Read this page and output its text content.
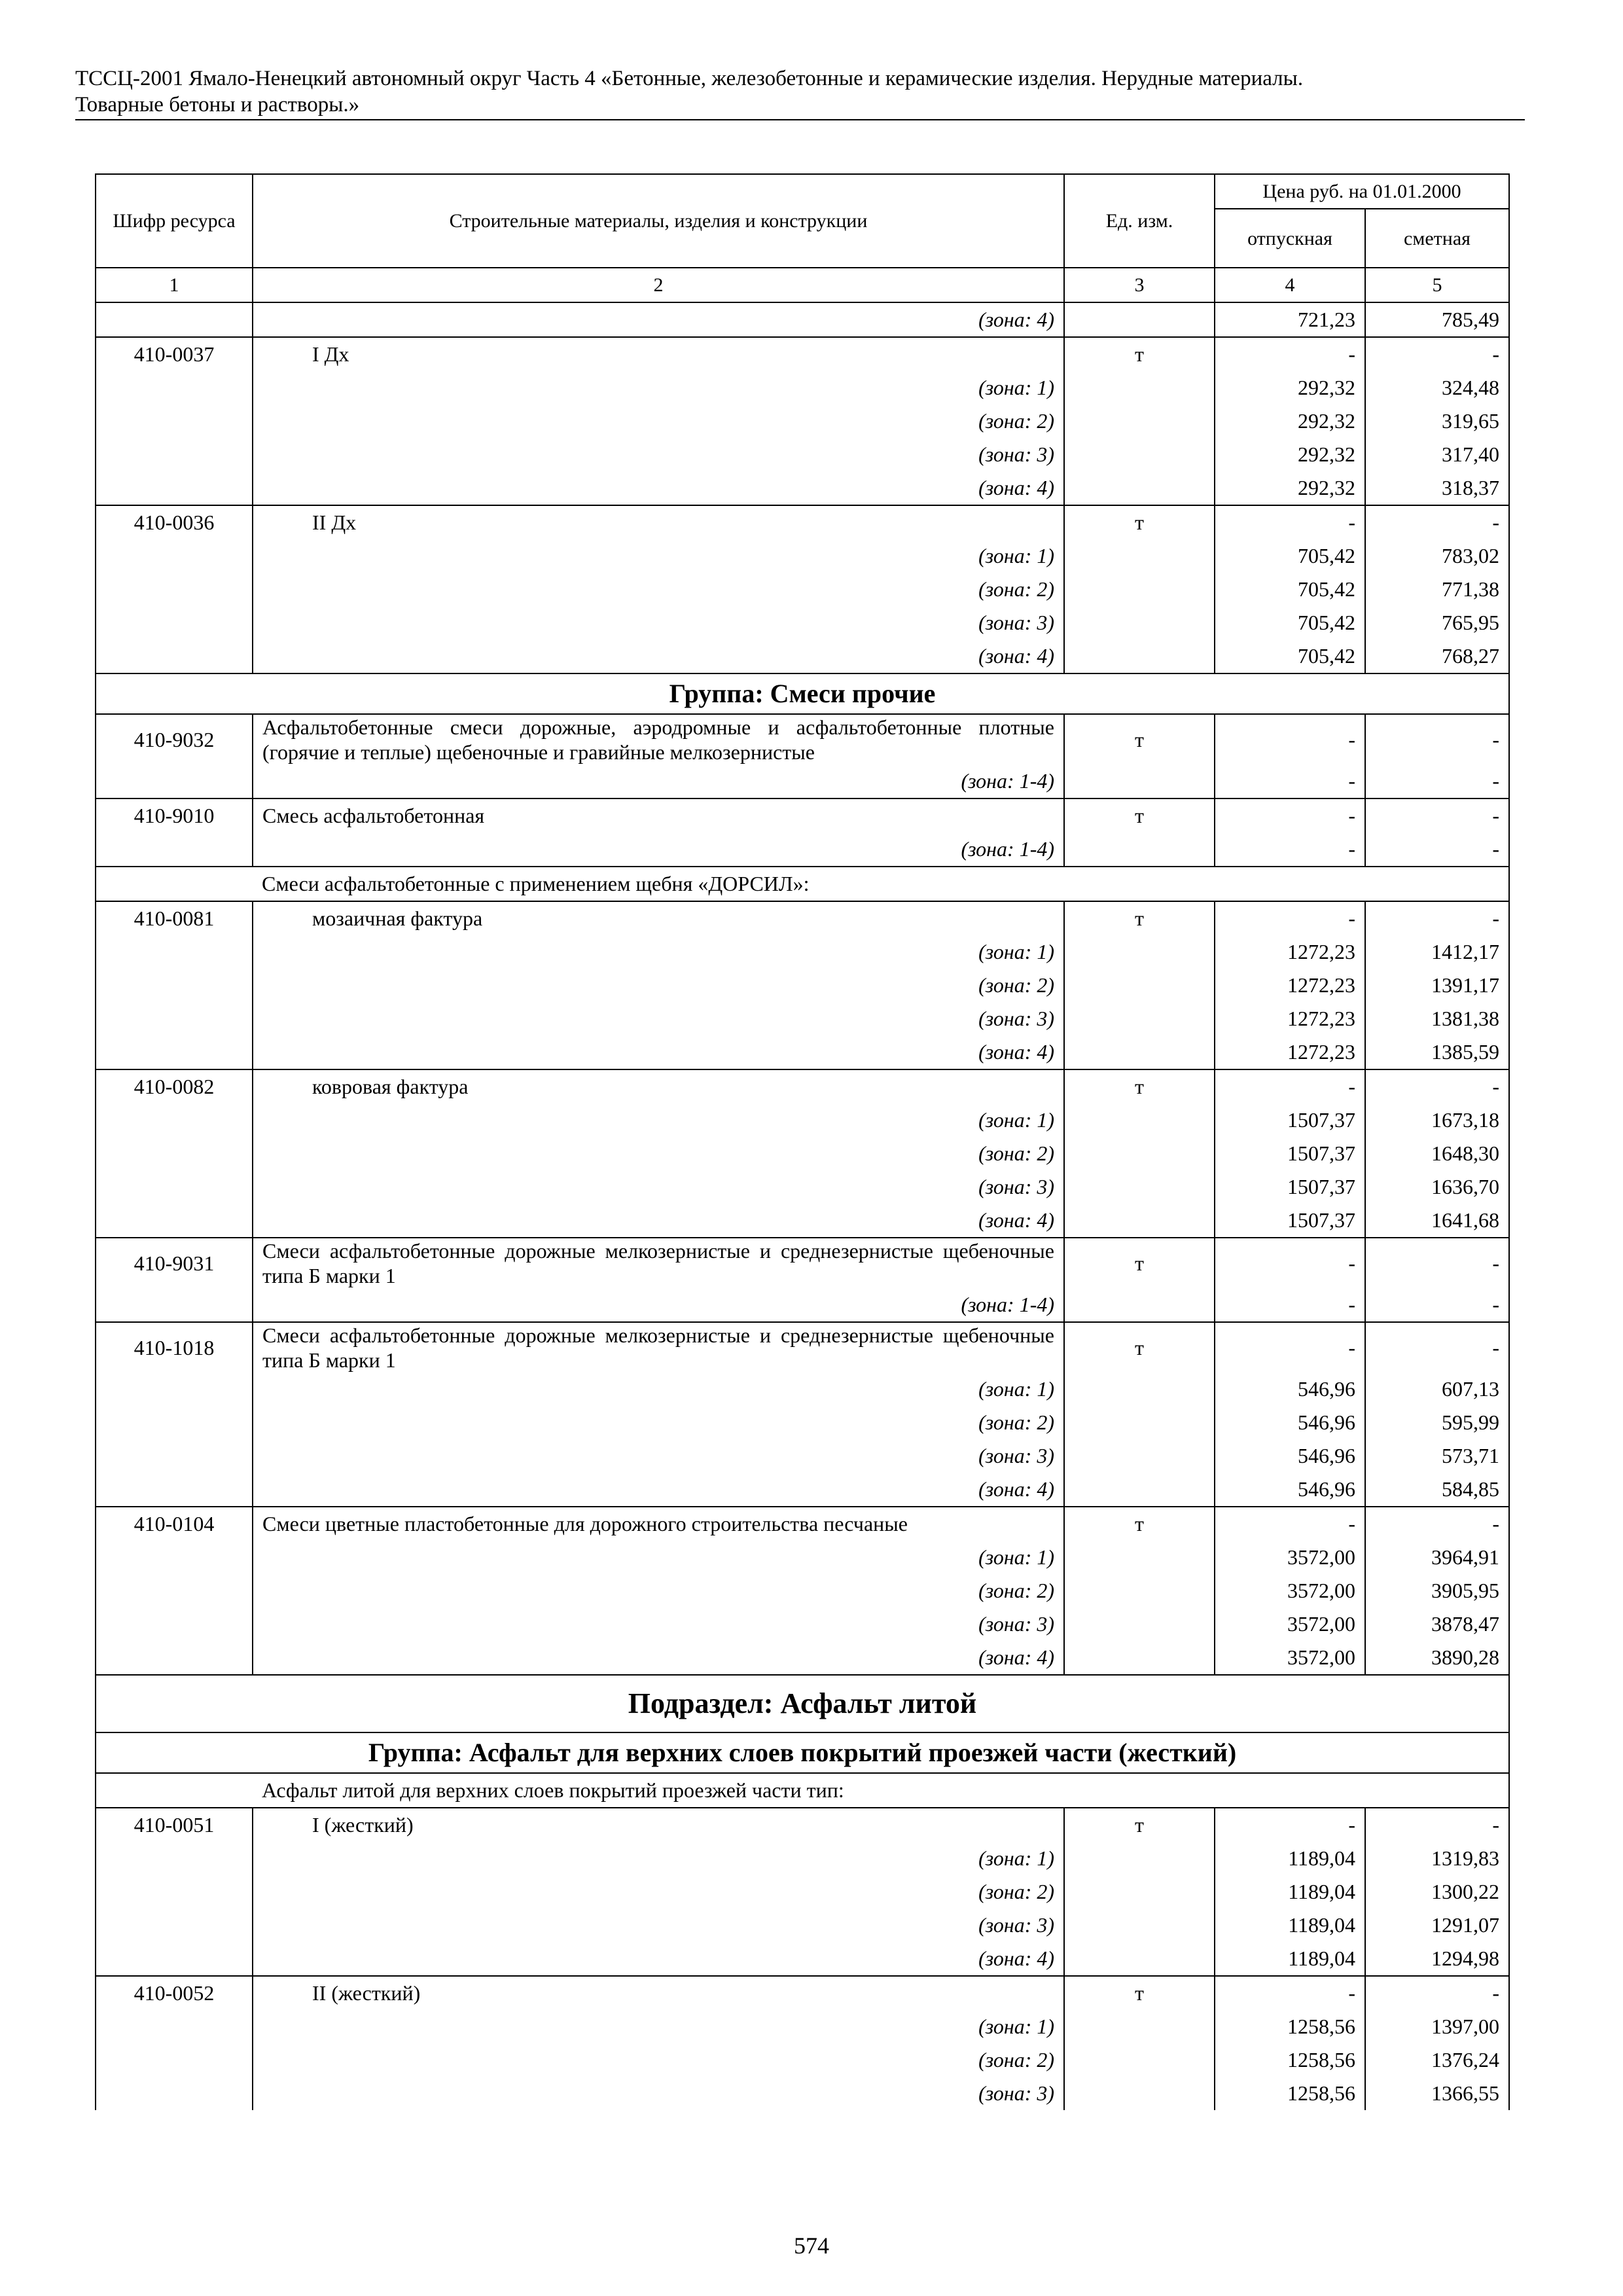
ТССЦ-2001 Ямало-Ненецкий автономный округ Часть 4 «Бетонные, железобетонные и керамические изделия. Нерудные материалы.
Товарные бетоны и растворы.»
Шифр ресурса	Строительные материалы, изделия и конструкции	Ед. изм.	Цена руб. на 01.01.2000	
			отпускная	сметная
1	2	3	4	5
	(зона: 4)		721,23	785,49
410-0037	I Дх	т	-	-
	(зона: 1)		292,32	324,48
	(зона: 2)		292,32	319,65
	(зона: 3)		292,32	317,40
	(зона: 4)		292,32	318,37
410-0036	II Дх	т	-	-
	(зона: 1)		705,42	783,02
	(зона: 2)		705,42	771,38
	(зона: 3)		705,42	765,95
	(зона: 4)		705,42	768,27
Группа: Смеси прочие				
410-9032	Асфальтобетонные смеси дорожные, аэродромные и асфальтобетонные плотные (горячие и теплые) щебеночные и гравийные мелкозернистые	т	-	-
	(зона: 1-4)		-	-
410-9010	Смесь асфальтобетонная	т	-	-
	(зона: 1-4)		-	-
	Смеси асфальтобетонные с применением щебня «ДОРСИЛ»:			
410-0081	мозаичная фактура	т	-	-
	(зона: 1)		1272,23	1412,17
	(зона: 2)		1272,23	1391,17
	(зона: 3)		1272,23	1381,38
	(зона: 4)		1272,23	1385,59
410-0082	ковровая фактура	т	-	-
	(зона: 1)		1507,37	1673,18
	(зона: 2)		1507,37	1648,30
	(зона: 3)		1507,37	1636,70
	(зона: 4)		1507,37	1641,68
410-9031	Смеси асфальтобетонные дорожные мелкозернистые и среднезернистые щебеночные типа Б марки 1	т	-	-
	(зона: 1-4)		-	-
410-1018	Смеси асфальтобетонные дорожные мелкозернистые и среднезернистые щебеночные типа Б марки 1	т	-	-
	(зона: 1)		546,96	607,13
	(зона: 2)		546,96	595,99
	(зона: 3)		546,96	573,71
	(зона: 4)		546,96	584,85
410-0104	Смеси цветные пластобетонные для дорожного строительства песчаные	т	-	-
	(зона: 1)		3572,00	3964,91
	(зона: 2)		3572,00	3905,95
	(зона: 3)		3572,00	3878,47
	(зона: 4)		3572,00	3890,28
Подраздел: Асфальт литой				
Группа: Асфальт для верхних слоев покрытий проезжей части (жесткий)				
	Асфальт литой для верхних слоев покрытий проезжей части тип:			
410-0051	I (жесткий)	т	-	-
	(зона: 1)		1189,04	1319,83
	(зона: 2)		1189,04	1300,22
	(зона: 3)		1189,04	1291,07
	(зона: 4)		1189,04	1294,98
410-0052	II (жесткий)	т	-	-
	(зона: 1)		1258,56	1397,00
	(зона: 2)		1258,56	1376,24
	(зона: 3)		1258,56	1366,55
574
